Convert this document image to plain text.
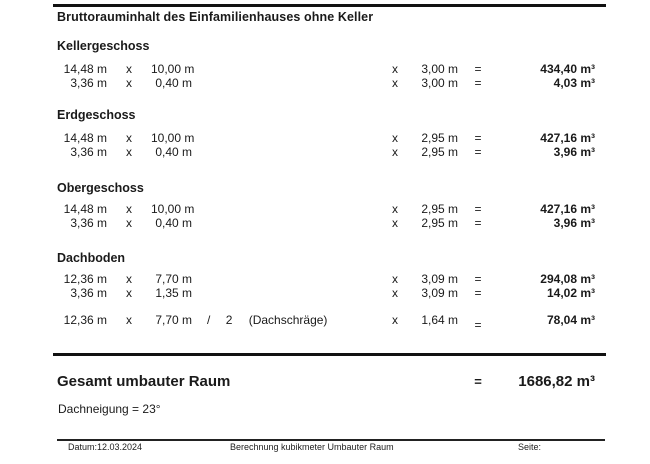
Bruttorauminhalt des Einfamilienhauses ohne Keller
Kellergeschoss
14,48 m	x	10,00 m	x	3,00 m	=	434,40 m³
3,36 m	x	0,40 m	x	3,00 m	=	4,03 m³
Erdgeschoss
14,48 m	x	10,00 m	x	2,95 m	=	427,16 m³
3,36 m	x	0,40 m	x	2,95 m	=	3,96 m³
Obergeschoss
14,48 m	x	10,00 m	x	2,95 m	=	427,16 m³
3,36 m	x	0,40 m	x	2,95 m	=	3,96 m³
Dachboden
12,36 m	x	7,70 m	x	3,09 m	=	294,08 m³
3,36 m	x	1,35 m	x	3,09 m	=	14,02 m³
12,36 m	x	7,70 m	/ 2 (Dachschräge)	x	1,64 m	=	78,04 m³
Gesamt umbauter Raum	=	1686,82 m³
Dachneigung = 23°
Datum:12.03.2024	Berechnung kubikmeter Umbauter Raum	Seite:
